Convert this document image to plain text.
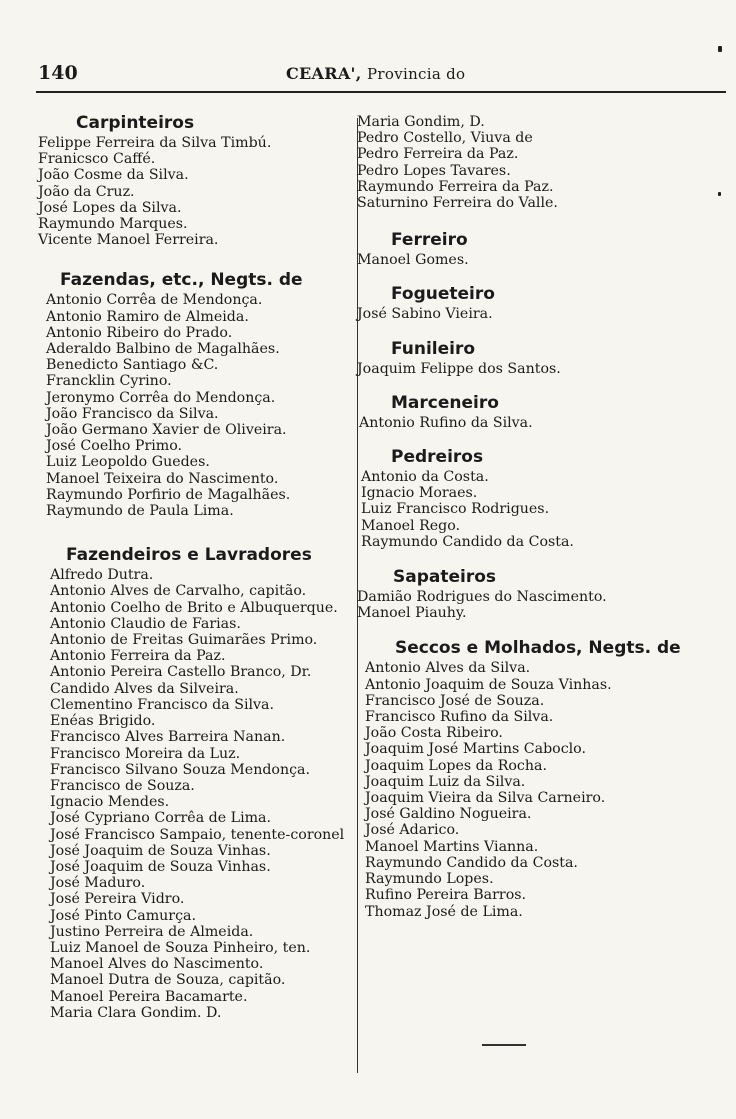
140	CEARA', Provincia do
Carpinteiros
Felippe Ferreira da Silva Timbú.
Franicsco Caffé.
João Cosme da Silva.
João da Cruz.
José Lopes da Silva.
Raymundo Marques.
Vicente Manoel Ferreira.
Fazendas, etc., Negts. de
Antonio Corrêa de Mendonça.
Antonio Ramiro de Almeida.
Antonio Ribeiro do Prado.
Aderaldo Balbino de Magalhães.
Benedicto Santiago &C.
Francklin Cyrino.
Jeronymo Corrêa do Mendonça.
João Francisco da Silva.
João Germano Xavier de Oliveira.
José Coelho Primo.
Luiz Leopoldo Guedes.
Manoel Teixeira do Nascimento.
Raymundo Porfirio de Magalhães.
Raymundo de Paula Lima.
Fazendeiros e Lavradores
Alfredo Dutra.
Antonio Alves de Carvalho, capitão.
Antonio Coelho de Brito e Albuquerque.
Antonio Claudio de Farias.
Antonio de Freitas Guimarães Primo.
Antonio Ferreira da Paz.
Antonio Pereira Castello Branco, Dr.
Candido Alves da Silveira.
Clementino Francisco da Silva.
Enéas Brigido.
Francisco Alves Barreira Nanan.
Francisco Moreira da Luz.
Francisco Silvano Souza Mendonça.
Francisco de Souza.
Ignacio Mendes.
José Cypriano Corrêa de Lima.
José Francisco Sampaio, tenente-coronel
José Joaquim de Souza Vinhas.
José Joaquim de Souza Vinhas.
José Maduro.
José Pereira Vidro.
José Pinto Camurça.
Justino Perreira de Almeida.
Luiz Manoel de Souza Pinheiro, ten.
Manoel Alves do Nascimento.
Manoel Dutra de Souza, capitão.
Manoel Pereira Bacamarte.
Maria Clara Gondim. D.
Maria Gondim, D.
Pedro Costello, Viuva de
Pedro Ferreira da Paz.
Pedro Lopes Tavares.
Raymundo Ferreira da Paz.
Saturnino Ferreira do Valle.
Ferreiro
Manoel Gomes.
Fogueteiro
José Sabino Vieira.
Funileiro
Joaquim Felippe dos Santos.
Marceneiro
Antonio Rufino da Silva.
Pedreiros
Antonio da Costa.
Ignacio Moraes.
Luiz Francisco Rodrigues.
Manoel Rego.
Raymundo Candido da Costa.
Sapateiros
Damião Rodrigues do Nascimento.
Manoel Piauhy.
Seccos e Molhados, Negts. de
Antonio Alves da Silva.
Antonio Joaquim de Souza Vinhas.
Francisco José de Souza.
Francisco Rufino da Silva.
João Costa Ribeiro.
Joaquim José Martins Caboclo.
Joaquim Lopes da Rocha.
Joaquim Luiz da Silva.
Joaquim Vieira da Silva Carneiro.
José Galdino Nogueira.
José Adarico.
Manoel Martins Vianna.
Raymundo Candido da Costa.
Raymundo Lopes.
Rufino Pereira Barros.
Thomaz José de Lima.
